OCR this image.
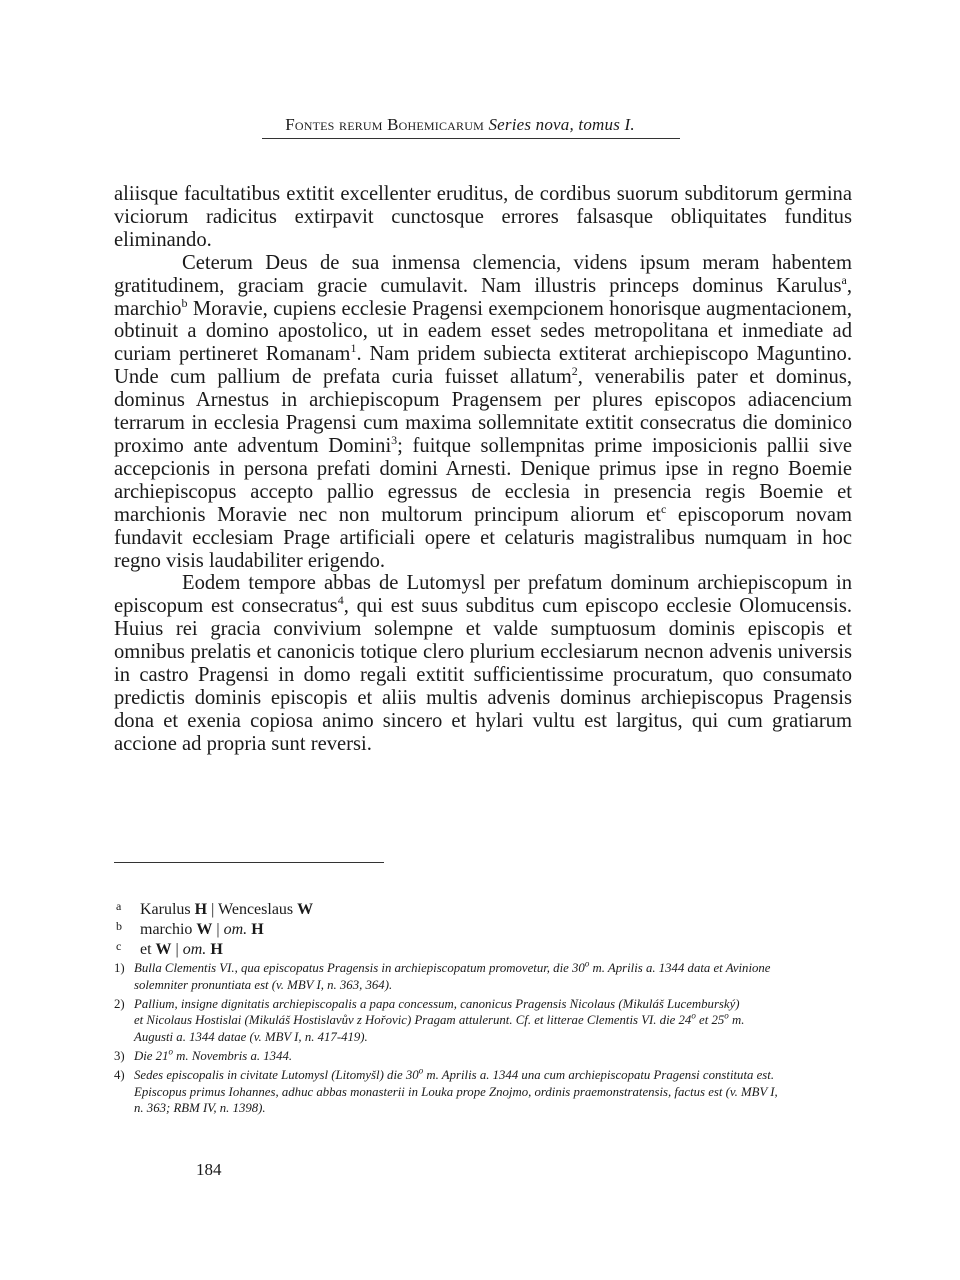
Fontes rerum Bohemicarum Series nova, tomus I.

aliisque facultatibus extitit excellenter eruditus, de cordibus suorum subditorum germina viciorum radicitus extirpavit cunctosque errores falsasque obliquitates funditus eliminando.

Ceterum Deus de sua inmensa clemencia, videns ipsum meram habentem gratitudinem, graciam gracie cumulavit. Nam illustris princeps dominus Karulus$^a$, marchio$^b$ Moravie, cupiens ecclesie Pragensi exempcionem honorisque augmentacionem, obtinuit a domino apostolico, ut in eadem esset sedes metropolitana et inmediate ad curiam pertineret Romanam$^1$. Nam pridem subiecta extiterat archiepiscopo Maguntino. Unde cum pallium de prefata curia fuisset allatum$^2$, venerabilis pater et dominus, dominus Arnestus in archiepiscopum Pragensem per plures episcopos adiacencium terrarum in ecclesia Pragensi cum maxima sollemnitate extitit consecratus die dominico proximo ante adventum Domini$^3$; fuitque sollempnitas prime imposicionis pallii sive accepcionis in persona prefati domini Arnesti. Denique primus ipse in regno Boemie archiepiscopus accepto pallio egressus de ecclesia in presencia regis Boemie et marchionis Moravie nec non multorum principum aliorum $et^c$ episcoporum novam fundavit ecclesiam Prage artificiali opere et celaturis magistralibus numquam in hoc regno visis laudabiliter erigendo.

Eodem tempore abbas de Lutomysl per prefatum dominum archiepiscopum in episcopum est consecratus$^4$, qui est suus subditus cum episcopo ecclesie Olomucensis. Huius rei gracia convivium solempne et valde sumptuosum dominis episcopis et omnibus prelatis et canonicis totique clero plurium ecclesiarum necnon advenis universis in castro Pragensi in domo regali extitit sufficientissime procuratum, quo consumato predictis dominis episcopis et aliis multis advenis dominus archiepiscopus Pragensis dona et exenia copiosa animo sincero et hylari vultu est largitus, qui cum gratiarum accione ad propria sunt reversi.

a Karulus H | Wenceslaus W
b marchio W | om. H
c et W | om. H
1) Bulla Clementis VI., qua episcopatus Pragensis in archiepiscopatum promovetur, die 30$^o$ m. Aprilis a. 1344 data et Avinione
solemniter pronuntiata est (v. MBV I, n. 363, 364).
2) Pallium, insigne dignitatis archiepiscopalis a papa concessum, canonicus Pragensis Nicolaus (Mikuláš Lucemburský)
et Nicolaus Hostislai (Mikuláš Hostislavův z Hořovic) Pragam attulerunt. Cf. et litterae Clementis VI. die 24$^o$ et 25$^o$ m.
Augusti a. 1344 datae (v. MBV I, n. 417-419).
3) Die 21$^o$ m. Novembris a. 1344.
4) Sedes episcopalis in civitate Lutomysl (Litomyšl) die 30$^o$ m. Aprilis a. 1344 una cum archiepiscopatu Pragensi constituta est.
Episcopus primus Iohannes, adhuc abbas monasterii in Louka prope Znojmo, ordinis praemonstratensis, factus est (v. MBV I,
n. 363; RBM IV, n. 1398).
184
